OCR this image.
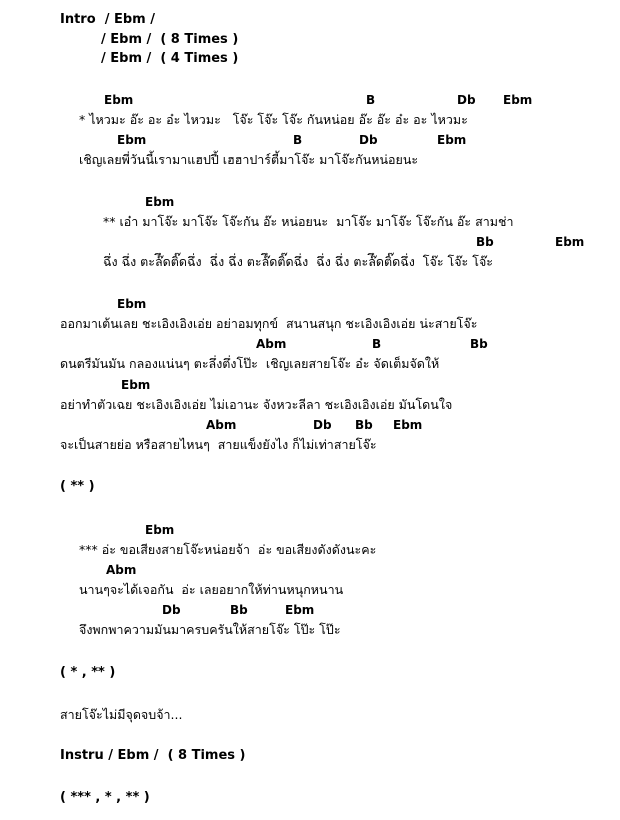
Intro  / Ebm /
/ Ebm /  ( 8 Times )
/ Ebm /  ( 4 Times )
Ebm	B	Db Ebm
* ไหวมะ อ๊ะ อะ อ๋ะ ไหวมะ   โจ๊ะ โจ๊ะ โจ๊ะ กันหน่อย อ๊ะ อ๊ะ อ๋ะ อะ ไหวมะ
Ebm	B	Db	Ebm
เชิญเลยพี่วันนี้เรามาแฮปปี้ เฮฮาปาร์ตี้มาโจ๊ะ มาโจ๊ะกันหน่อยนะ
Ebm
** เอ๋า มาโจ๊ะ มาโจ๊ะ โจ๊ะกัน อ๊ะ หน่อยนะ  มาโจ๊ะ มาโจ๊ะ โจ๊ะกัน อ๊ะ สามช่า
Bb	Ebm
ฉึ่ง ฉึ่ง ตะล๊ึดติ๊ดฉึ่ง  ฉึ่ง ฉึ่ง ตะล๊ึดติ๊ดฉึ่ง  ฉึ่ง ฉึ่ง ตะล๊ึดติ๊ดฉึ่ง  โจ๊ะ โจ๊ะ โจ๊ะ
Ebm
ออกมาเต้นเลย ชะเอิงเอิงเอ่ย อย่าอมทุกข์  สนานสนุก ชะเอิงเอิงเอ่ย น่ะสายโจ๊ะ
Abm	B	Bb
ดนตรีมันมัน กลองแน่นๆ ตะลึ่งตึ่งโป๊ะ  เชิญเลยสายโจ๊ะ อ๋ะ จัดเต็มจัดให้
Ebm
อย่าทำตัวเฉย ชะเอิงเอิงเอ่ย ไม่เอานะ จังหวะลีลา ชะเอิงเอิงเอ่ย มันโดนใจ
Abm	Db Bb Ebm
จะเป็นสายย่อ หรือสายไหนๆ  สายแข็งยังไง ก็ไม่เท่าสายโจ๊ะ
( ** )
Ebm
*** อ่ะ ขอเสียงสายโจ๊ะหน่อยจ้า  อ่ะ ขอเสียงดังดังนะคะ
Abm
นานๆจะได้เจอกัน  อ่ะ เลยอยากให้ท่านหนุกหนาน
Db	Bb	Ebm
จึงพกพาความมันมาครบครันให้สายโจ๊ะ โป๊ะ โป๊ะ
( * , ** )
สายโจ๊ะไม่มีจุดจบจ้า...
Instru / Ebm /  ( 8 Times )
( *** , * , ** )
